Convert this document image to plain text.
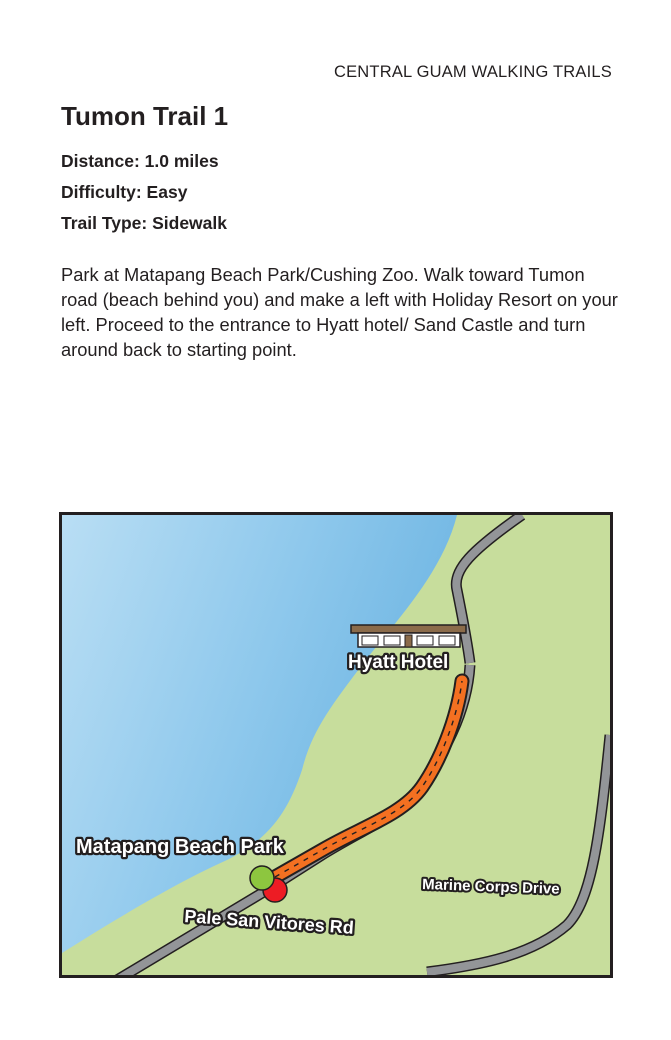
CENTRAL GUAM WALKING TRAILS
Tumon Trail 1
Distance: 1.0 miles
Difficulty: Easy
Trail Type: Sidewalk

Park at Matapang Beach Park/Cushing Zoo. Walk toward Tumon road (beach behind you) and make a left with Holiday Resort on your left. Proceed to the entrance to Hyatt hotel/ Sand Castle and turn around back to starting point.

Hyatt Hotel
Matapang Beach Park
Pale San Vitores Rd
Marine Corps Drive
